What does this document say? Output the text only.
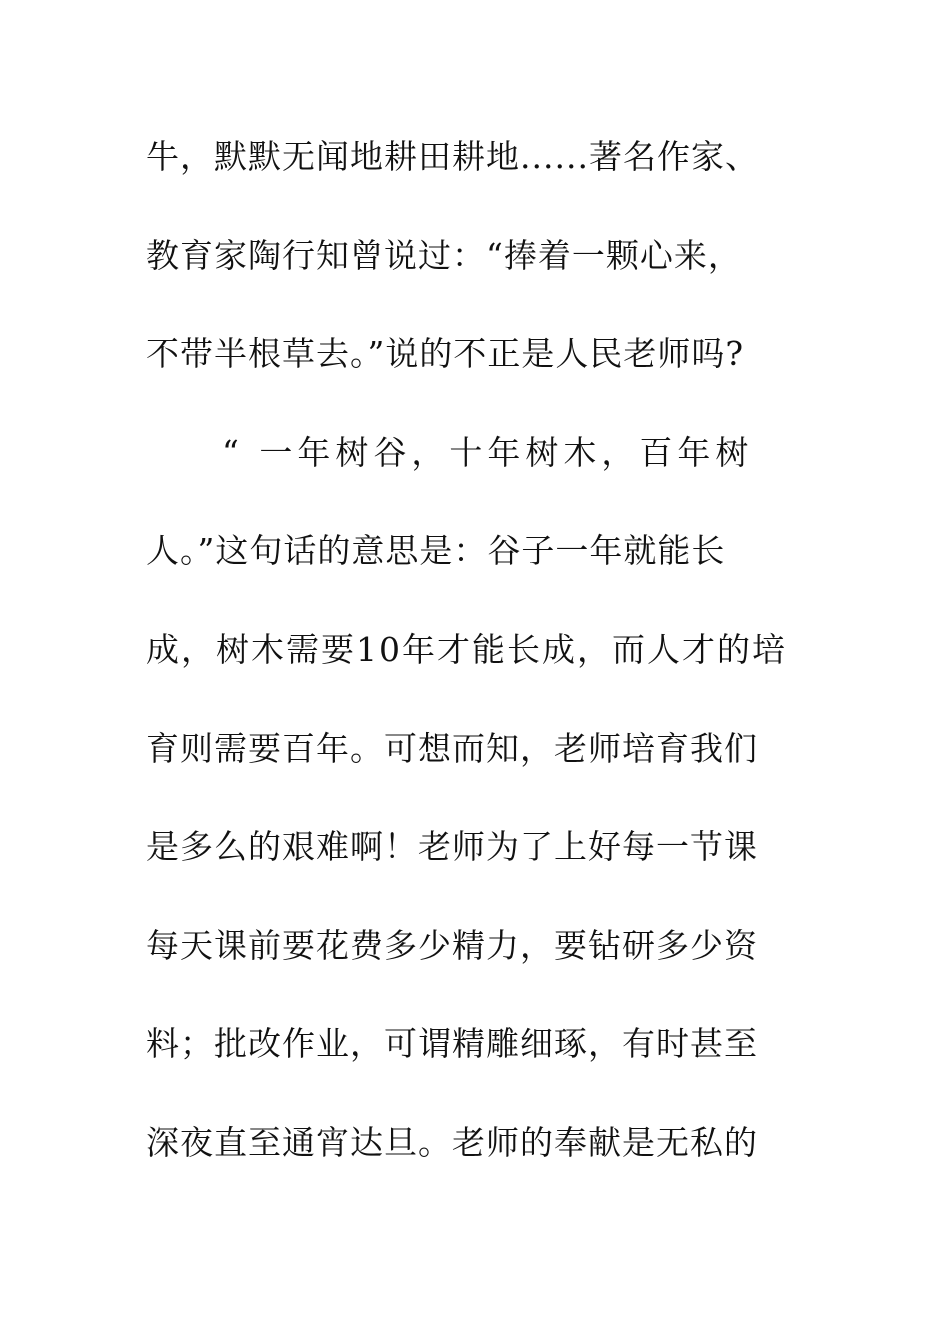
牛，默默无闻地耕田耕地......著名作家、
教育家陶行知曾说过：“捧着一颗心来，
不带半根草去。”说的不正是人民老师吗?
　　“ 一年树谷，十年树木，百年树
人。”这句话的意思是：谷子一年就能长
成，树木需要10年才能长成，而人才的培
育则需要百年。可想而知，老师培育我们
是多么的艰难啊！老师为了上好每一节课
每天课前要花费多少精力，要钻研多少资
料；批改作业，可谓精雕细琢，有时甚至
深夜直至通宵达旦。老师的奉献是无私的
